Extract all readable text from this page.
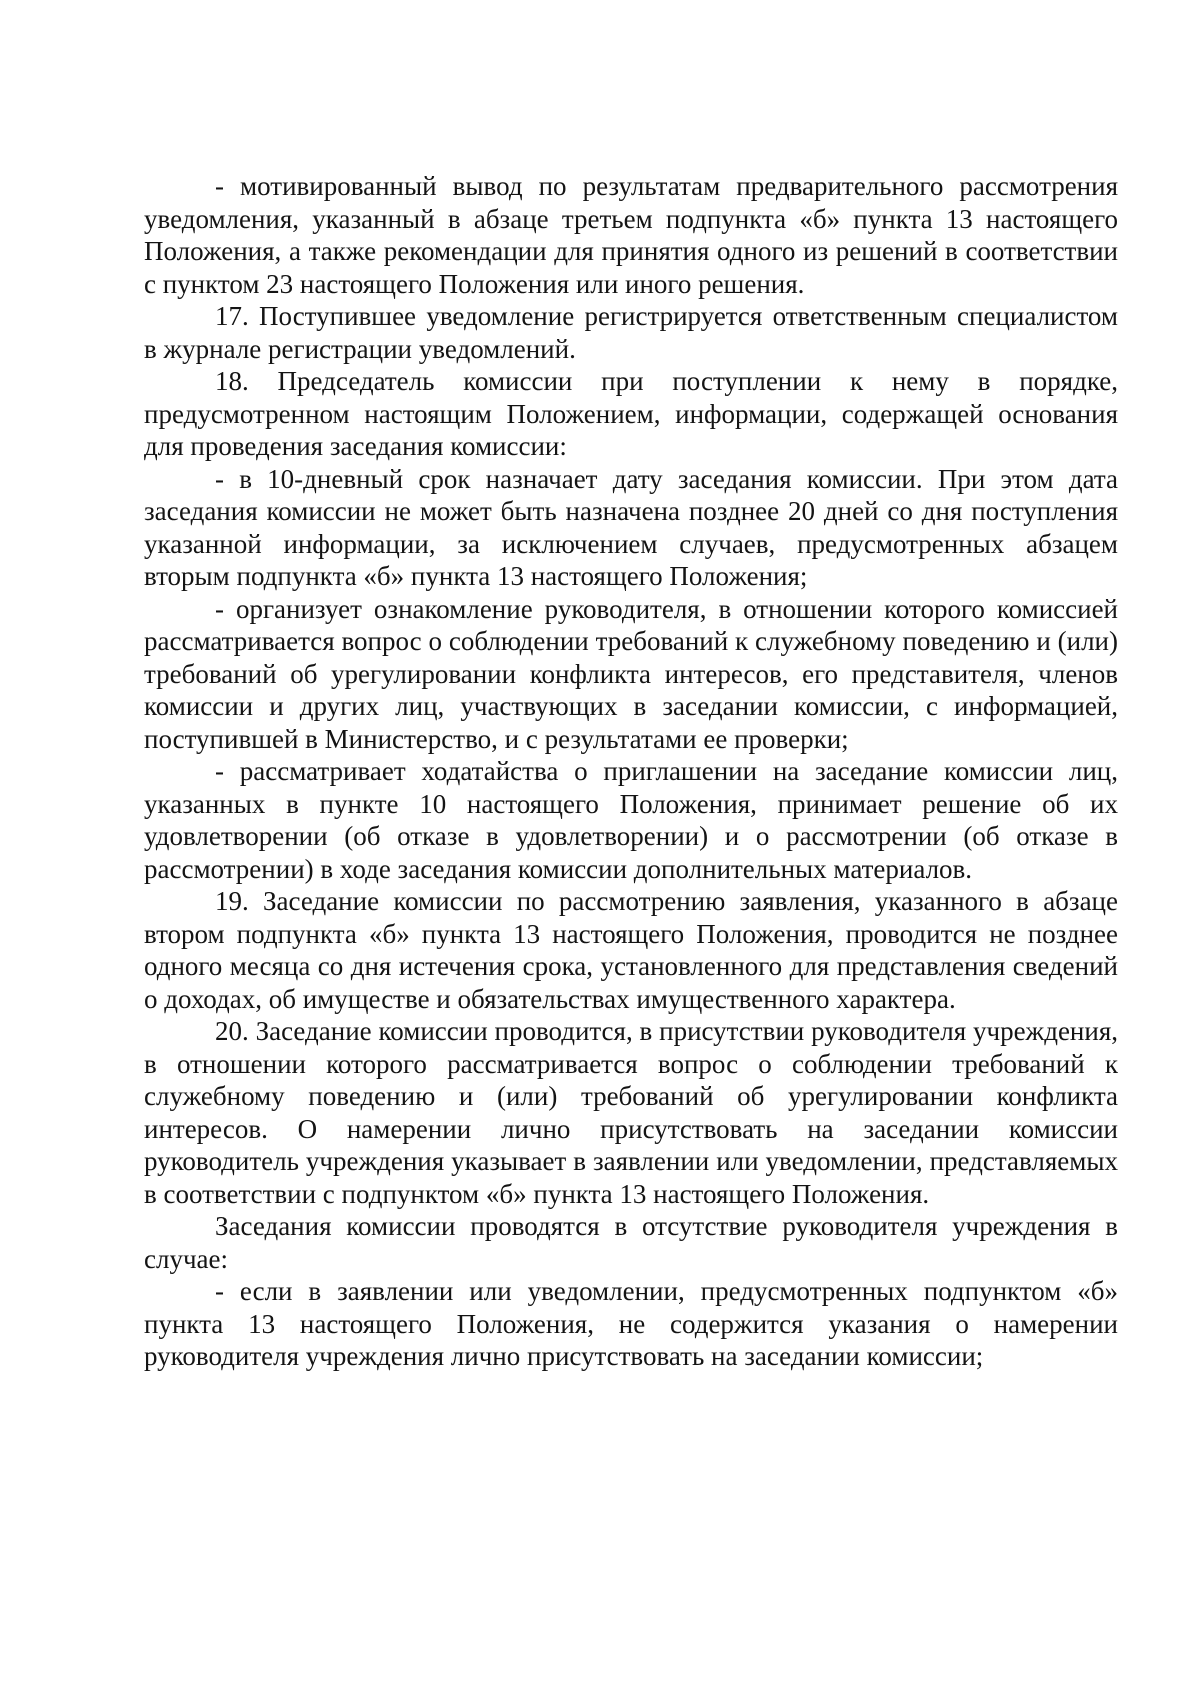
- мотивированный вывод по результатам предварительного рассмотрения уведомления, указанный в абзаце третьем подпункта «б» пункта 13 настоящего Положения, а также рекомендации для принятия одного из решений в соответствии с пунктом 23 настоящего Положения или иного решения.

17. Поступившее уведомление регистрируется ответственным специалистом в журнале регистрации уведомлений.

18. Председатель комиссии при поступлении к нему в порядке, предусмотренном настоящим Положением, информации, содержащей основания для проведения заседания комиссии:

- в 10-дневный срок назначает дату заседания комиссии. При этом дата заседания комиссии не может быть назначена позднее 20 дней со дня поступления указанной информации, за исключением случаев, предусмотренных абзацем вторым подпункта «б» пункта 13 настоящего Положения;

- организует ознакомление руководителя, в отношении которого комиссией рассматривается вопрос о соблюдении требований к служебному поведению и (или) требований об урегулировании конфликта интересов, его представителя, членов комиссии и других лиц, участвующих в заседании комиссии, с информацией, поступившей в Министерство, и с результатами ее проверки;

- рассматривает ходатайства о приглашении на заседание комиссии лиц, указанных в пункте 10 настоящего Положения, принимает решение об их удовлетворении (об отказе в удовлетворении) и о рассмотрении (об отказе в рассмотрении) в ходе заседания комиссии дополнительных материалов.

19. Заседание комиссии по рассмотрению заявления, указанного в абзаце втором подпункта «б» пункта 13 настоящего Положения, проводится не позднее одного месяца со дня истечения срока, установленного для представления сведений о доходах, об имуществе и обязательствах имущественного характера.

20. Заседание комиссии проводится, в присутствии руководителя учреждения, в отношении которого рассматривается вопрос о соблюдении требований к служебному поведению и (или) требований об урегулировании конфликта интересов. О намерении лично присутствовать на заседании комиссии руководитель учреждения указывает в заявлении или уведомлении, представляемых в соответствии с подпунктом «б» пункта 13 настоящего Положения.

Заседания комиссии проводятся в отсутствие руководителя учреждения в случае:

- если в заявлении или уведомлении, предусмотренных подпунктом «б» пункта 13 настоящего Положения, не содержится указания о намерении руководителя учреждения лично присутствовать на заседании комиссии;
